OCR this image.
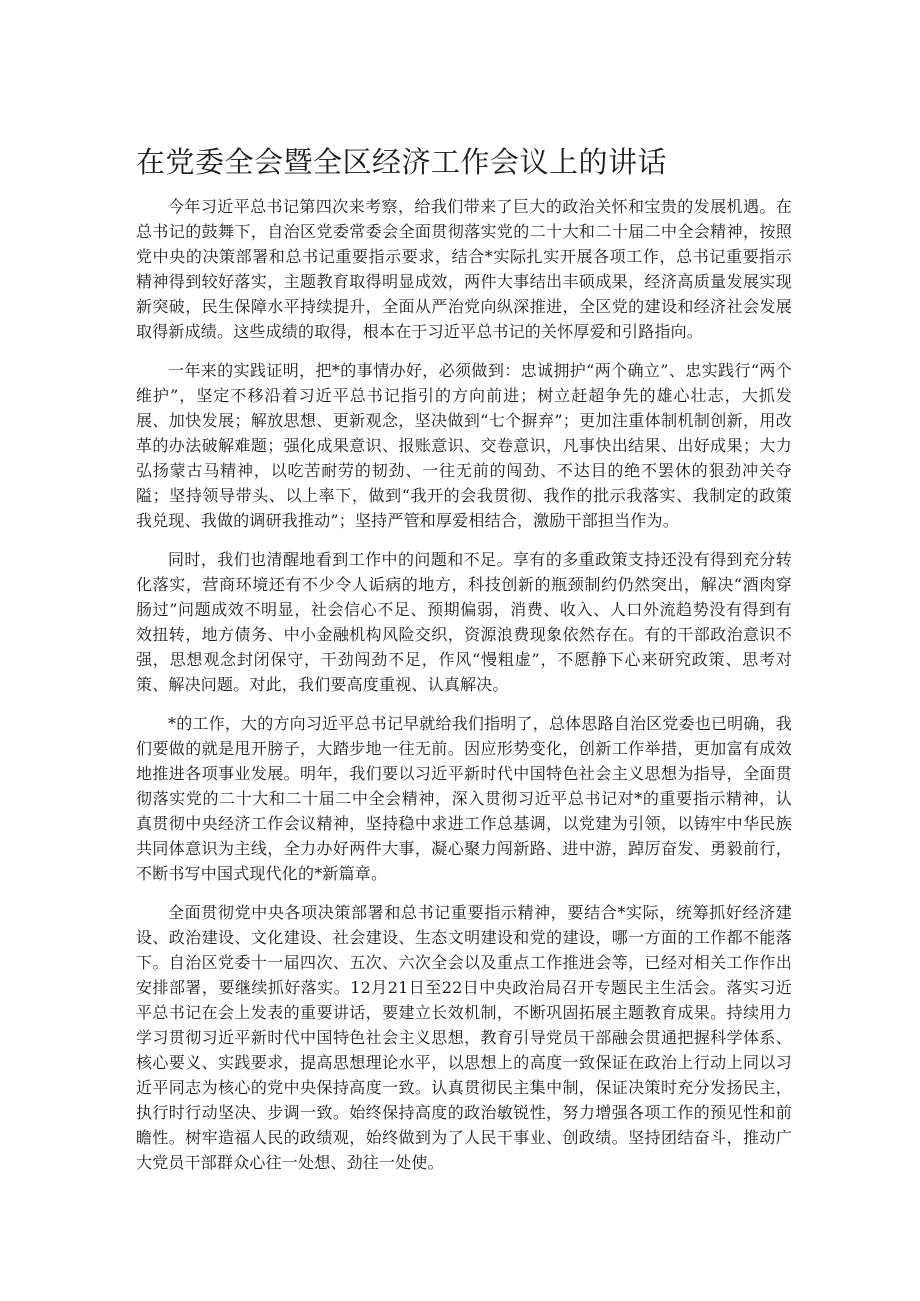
在党委全会暨全区经济工作会议上的讲话

今年习近平总书记第四次来考察，给我们带来了巨大的政治关怀和宝贵的发展机遇。在总书记的鼓舞下，自治区党委常委会全面贯彻落实党的二十大和二十届二中全会精神，按照党中央的决策部署和总书记重要指示要求，结合*实际扎实开展各项工作，总书记重要指示精神得到较好落实，主题教育取得明显成效，两件大事结出丰硕成果，经济高质量发展实现新突破，民生保障水平持续提升，全面从严治党向纵深推进，全区党的建设和经济社会发展取得新成绩。这些成绩的取得，根本在于习近平总书记的关怀厚爱和引路指向。

一年来的实践证明，把*的事情办好，必须做到：忠诚拥护“两个确立”、忠实践行“两个维护”，坚定不移沿着习近平总书记指引的方向前进；树立赶超争先的雄心壮志，大抓发展、加快发展；解放思想、更新观念，坚决做到“七个摒弃”；更加注重体制机制创新，用改革的办法破解难题；强化成果意识、报账意识、交卷意识，凡事快出结果、出好成果；大力弘扬蒙古马精神，以吃苦耐劳的韧劲、一往无前的闯劲、不达目的绝不罢休的狠劲冲关夺隘；坚持领导带头、以上率下，做到“我开的会我贯彻、我作的批示我落实、我制定的政策我兑现、我做的调研我推动”；坚持严管和厚爱相结合，激励干部担当作为。

同时，我们也清醒地看到工作中的问题和不足。享有的多重政策支持还没有得到充分转化落实，营商环境还有不少令人诟病的地方，科技创新的瓶颈制约仍然突出，解决“酒肉穿肠过”问题成效不明显，社会信心不足、预期偏弱，消费、收入、人口外流趋势没有得到有效扭转，地方债务、中小金融机构风险交织，资源浪费现象依然存在。有的干部政治意识不强，思想观念封闭保守，干劲闯劲不足，作风“慢粗虚”，不愿静下心来研究政策、思考对策、解决问题。对此，我们要高度重视、认真解决。

*的工作，大的方向习近平总书记早就给我们指明了，总体思路自治区党委也已明确，我们要做的就是甩开膀子，大踏步地一往无前。因应形势变化，创新工作举措，更加富有成效地推进各项事业发展。明年，我们要以习近平新时代中国特色社会主义思想为指导，全面贯彻落实党的二十大和二十届二中全会精神，深入贯彻习近平总书记对*的重要指示精神，认真贯彻中央经济工作会议精神，坚持稳中求进工作总基调，以党建为引领，以铸牢中华民族共同体意识为主线，全力办好两件大事，凝心聚力闯新路、进中游，踔厉奋发、勇毅前行，不断书写中国式现代化的*新篇章。

全面贯彻党中央各项决策部署和总书记重要指示精神，要结合*实际，统筹抓好经济建设、政治建设、文化建设、社会建设、生态文明建设和党的建设，哪一方面的工作都不能落下。自治区党委十一届四次、五次、六次全会以及重点工作推进会等，已经对相关工作作出安排部署，要继续抓好落实。12月21日至22日中央政治局召开专题民主生活会。落实习近平总书记在会上发表的重要讲话，要建立长效机制，不断巩固拓展主题教育成果。持续用力学习贯彻习近平新时代中国特色社会主义思想，教育引导党员干部融会贯通把握科学体系、核心要义、实践要求，提高思想理论水平，以思想上的高度一致保证在政治上行动上同以习近平同志为核心的党中央保持高度一致。认真贯彻民主集中制，保证决策时充分发扬民主，执行时行动坚决、步调一致。始终保持高度的政治敏锐性，努力增强各项工作的预见性和前瞻性。树牢造福人民的政绩观，始终做到为了人民干事业、创政绩。坚持团结奋斗，推动广大党员干部群众心往一处想、劲往一处使。
